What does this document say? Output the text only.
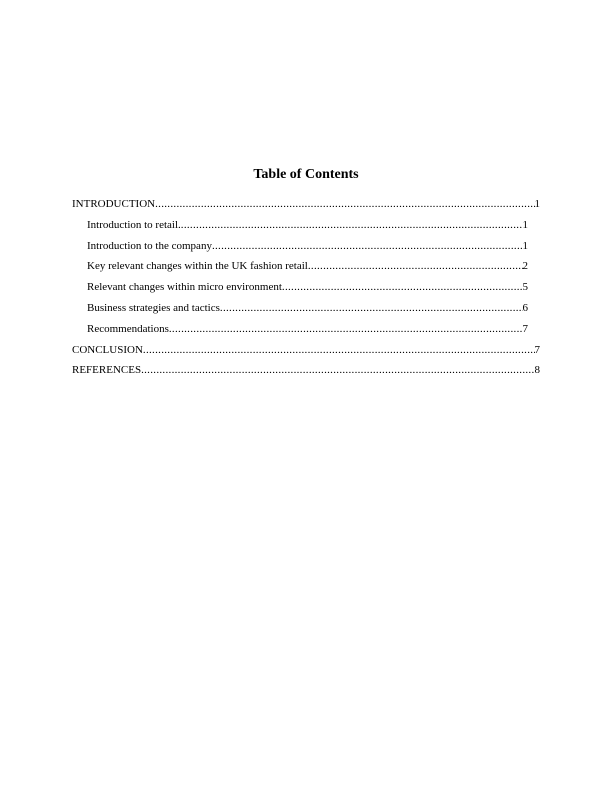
Table of Contents
INTRODUCTION .....	1
Introduction to retail. .....	1
Introduction to the company .....	1
Key relevant changes within the UK fashion retail .....	2
Relevant changes within micro environment .....	5
Business strategies and tactics .....	6
Recommendations .....	7
CONCLUSION .....	7
REFERENCES .....	8
